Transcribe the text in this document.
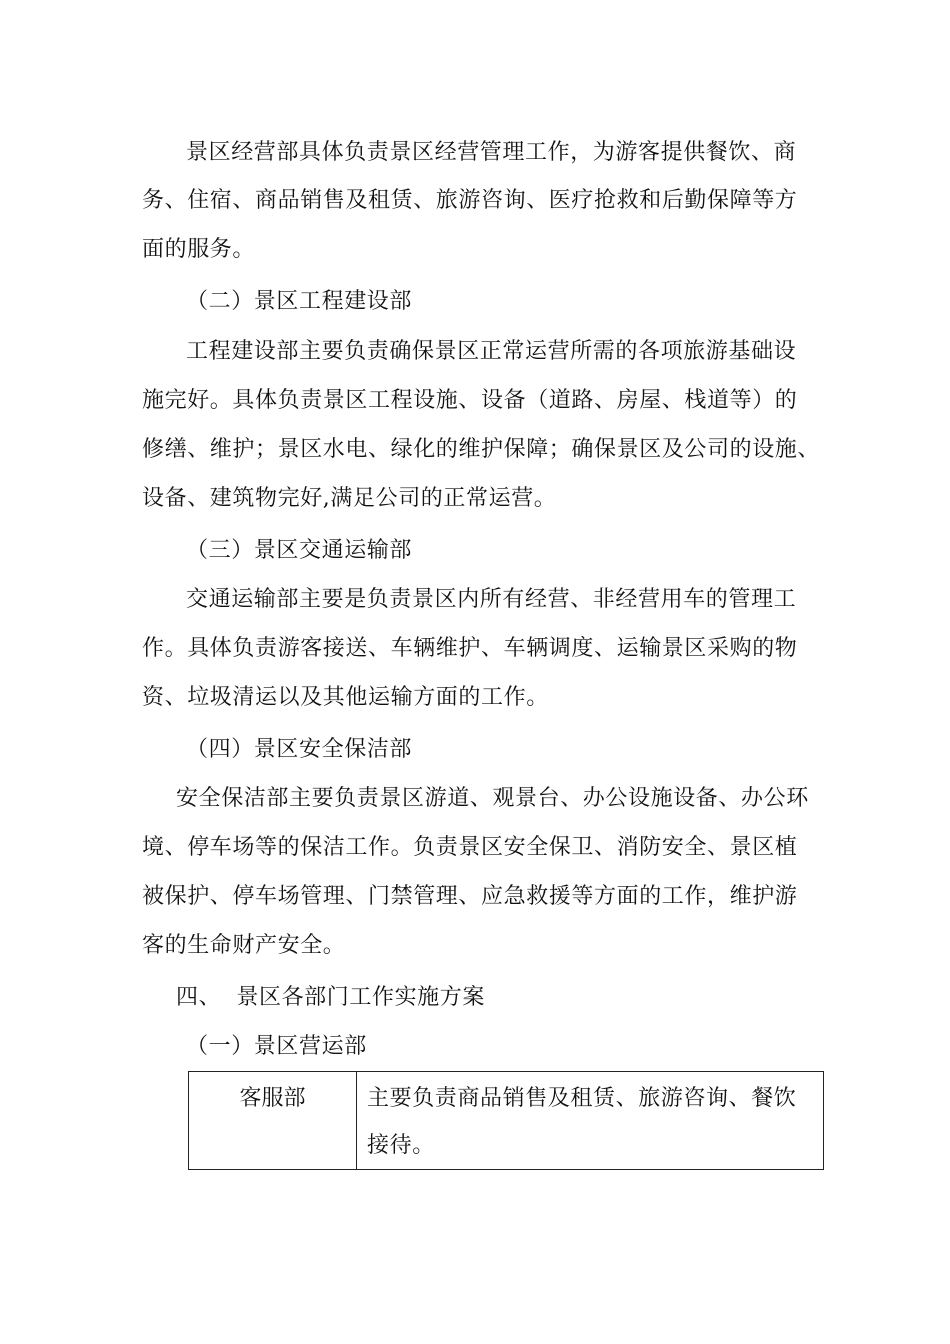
景区经营部具体负责景区经营管理工作，为游客提供餐饮、商
务、住宿、商品销售及租赁、旅游咨询、医疗抢救和后勤保障等方
面的服务。
（二）景区工程建设部
工程建设部主要负责确保景区正常运营所需的各项旅游基础设
施完好。具体负责景区工程设施、设备（道路、房屋、栈道等）的
修缮、维护；景区水电、绿化的维护保障；确保景区及公司的设施、
设备、建筑物完好,满足公司的正常运营。
（三）景区交通运输部
交通运输部主要是负责景区内所有经营、非经营用车的管理工
作。具体负责游客接送、车辆维护、车辆调度、运输景区采购的物
资、垃圾清运以及其他运输方面的工作。
（四）景区安全保洁部
安全保洁部主要负责景区游道、观景台、办公设施设备、办公环
境、停车场等的保洁工作。负责景区安全保卫、消防安全、景区植
被保护、停车场管理、门禁管理、应急救援等方面的工作，维护游
客的生命财产安全。
四、  景区各部门工作实施方案
（一）景区营运部
客服部	主要负责商品销售及租赁、旅游咨询、餐饮接待。
